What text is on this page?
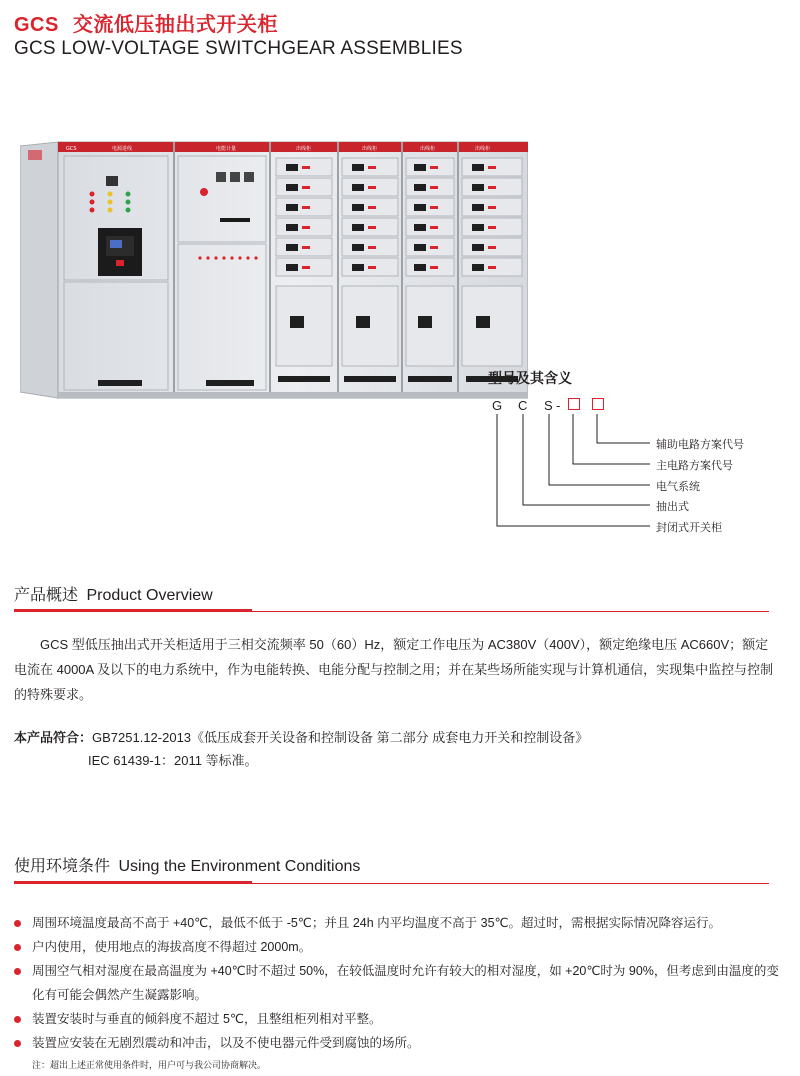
GCS 交流低压抽出式开关柜
GCS LOW-VOLTAGE SWITCHGEAR ASSEMBLIES
GCS	电源进线	电能计量	出线柜	出线柜	出线柜	出线柜
型号及其含义
G C S -
辅助电路方案代号
主电路方案代号
电气系统
抽出式
封闭式开关柜
产品概述 Product Overview
GCS 型低压抽出式开关柜适用于三相交流频率 50（60）Hz，额定工作电压为 AC380V（400V），额定绝缘电压 AC660V；额定电流在 4000A 及以下的电力系统中，作为电能转换、电能分配与控制之用；并在某些场所能实现与计算机通信，实现集中监控与控制的特殊要求。
本产品符合：GB7251.12-2013《低压成套开关设备和控制设备 第二部分 成套电力开关和控制设备》
IEC 61439-1：2011 等标准。
使用环境条件 Using the Environment Conditions
周围环境温度最高不高于 +40℃，最低不低于 -5℃；并且 24h 内平均温度不高于 35℃。超过时，需根据实际情况降容运行。
户内使用，使用地点的海拔高度不得超过 2000m。
周围空气相对湿度在最高温度为 +40℃时不超过 50%，在较低温度时允许有较大的相对湿度，如 +20℃时为 90%，但考虑到由温度的变化有可能会偶然产生凝露影响。
装置安装时与垂直的倾斜度不超过 5℃，且整组柜列相对平整。
装置应安装在无剧烈震动和冲击，以及不使电器元件受到腐蚀的场所。
注：超出上述正常使用条件时，用户可与我公司协商解决。
